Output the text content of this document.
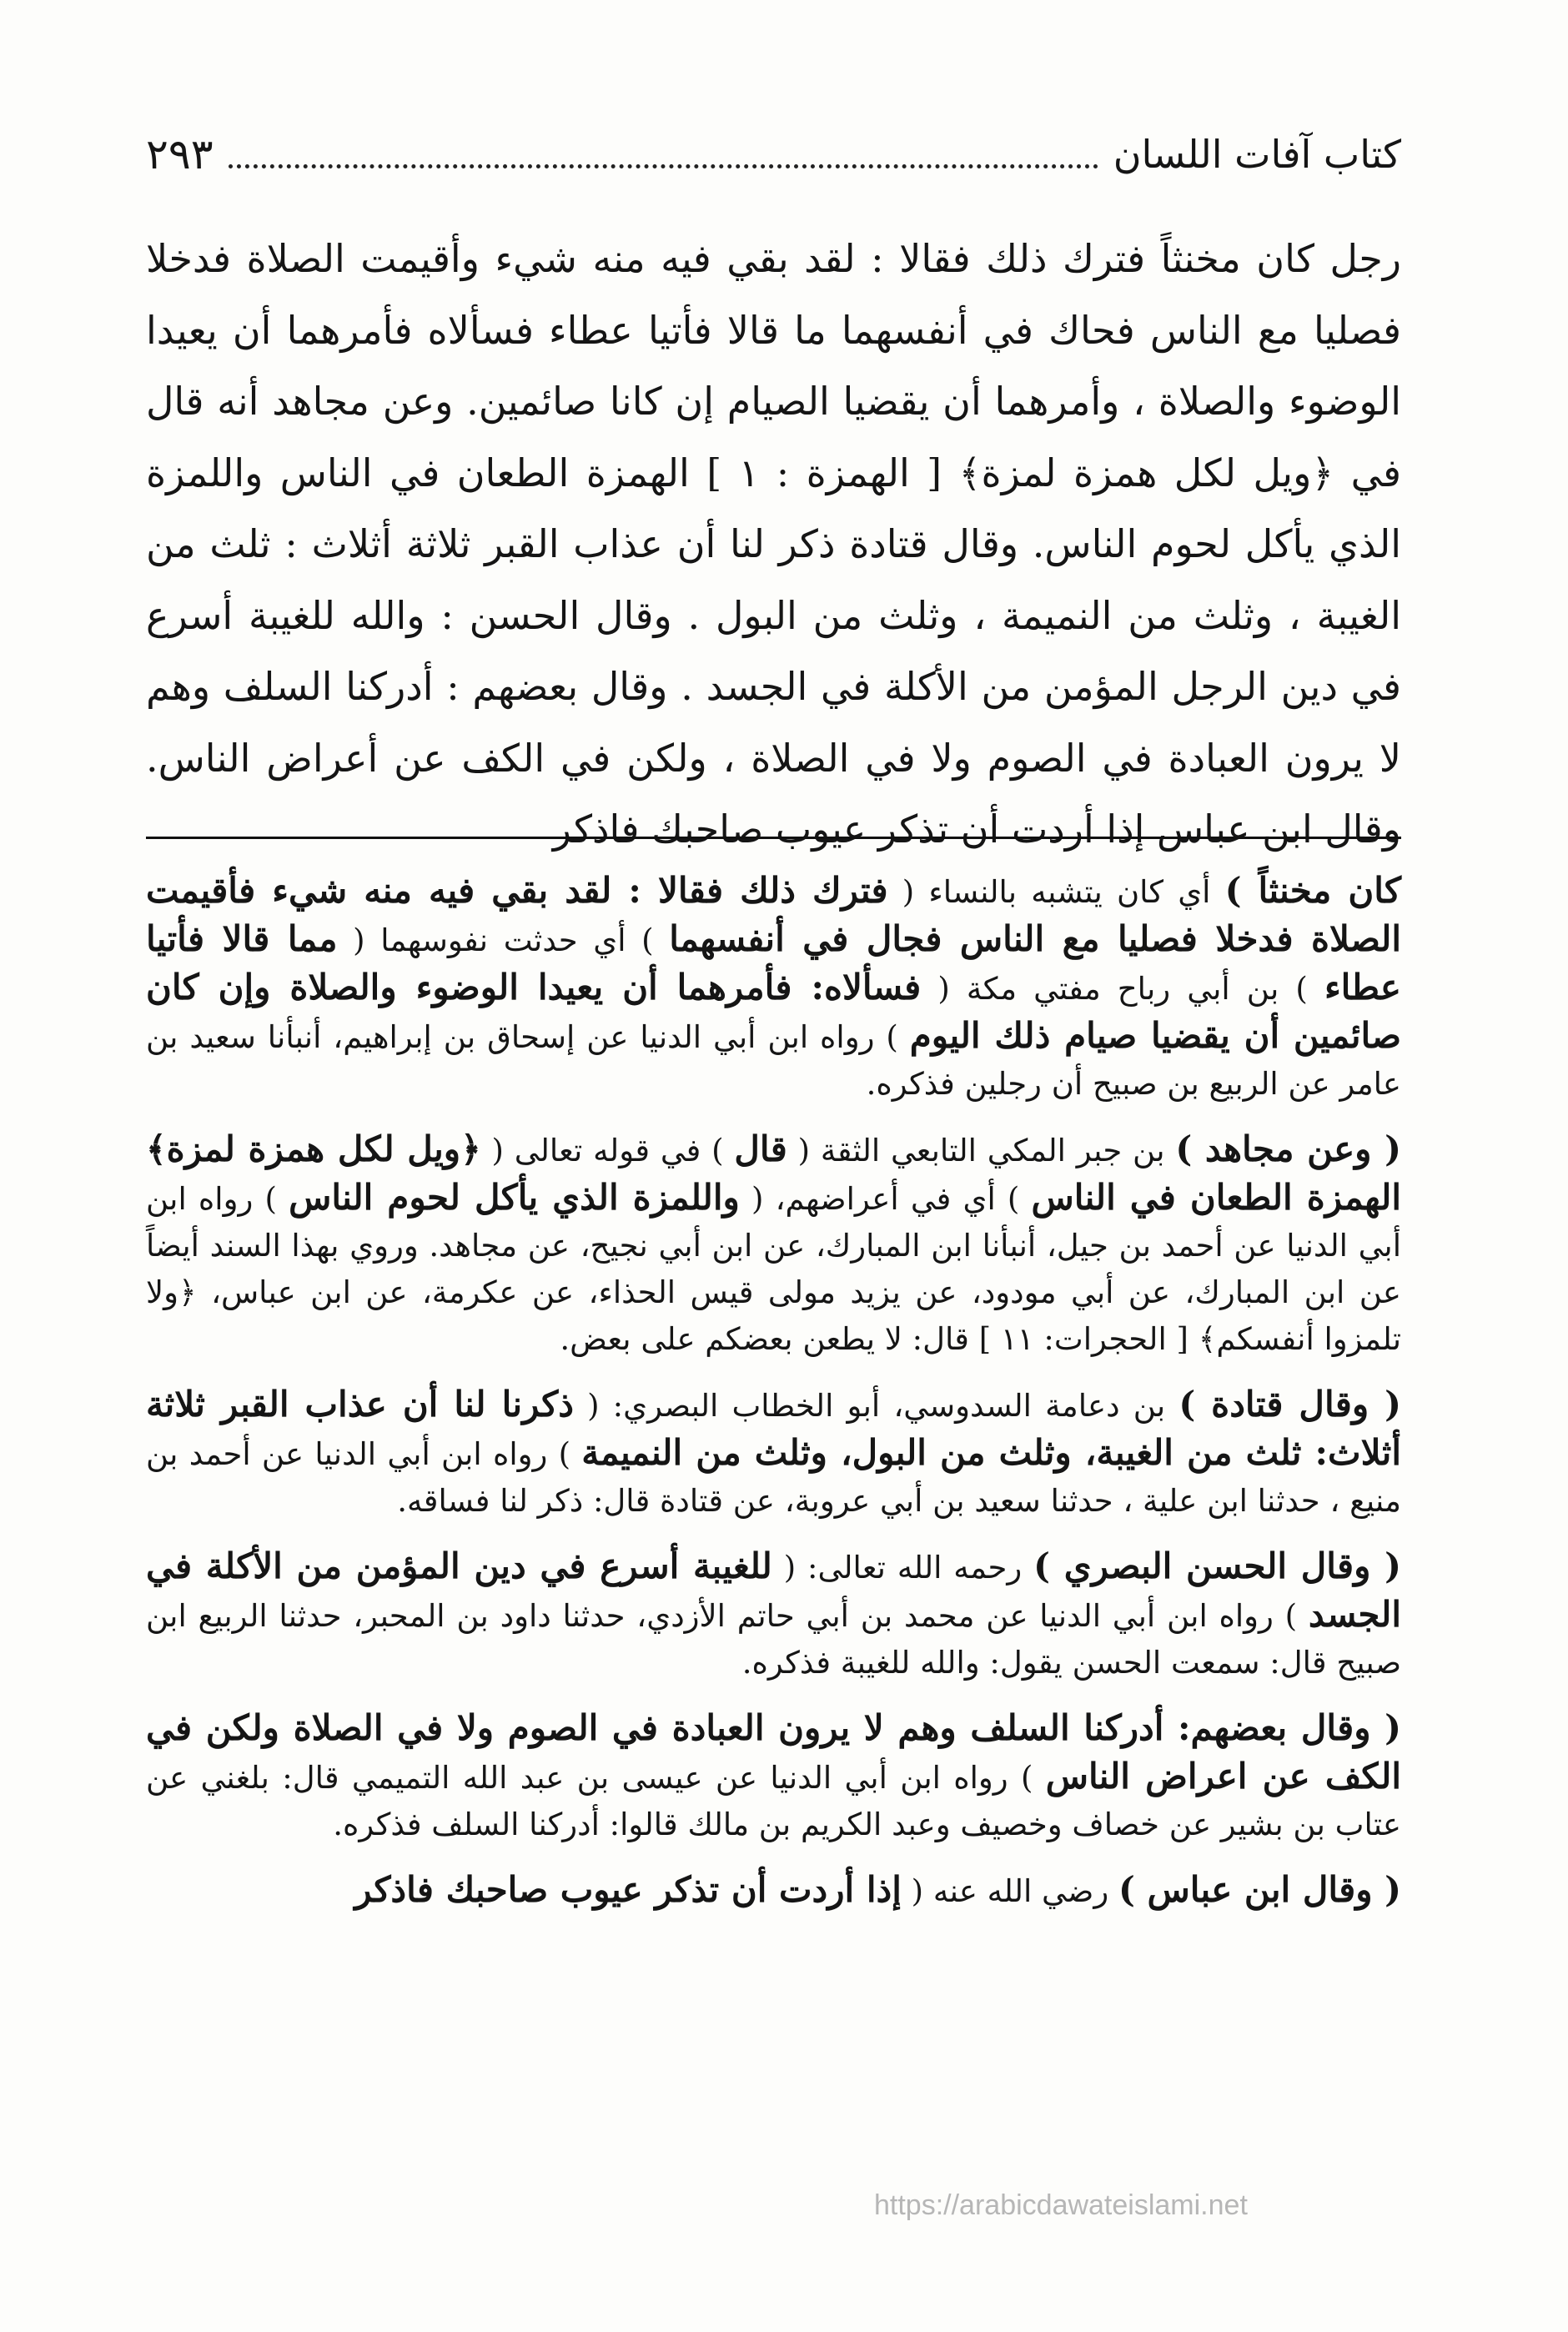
كتاب آفات اللسان
٢٩٣

رجل كان مخنثاً فترك ذلك فقالا : لقد بقي فيه منه شيء وأقيمت الصلاة فدخلا فصليا مع الناس فحاك في أنفسهما ما قالا فأتيا عطاء فسألاه فأمرهما أن يعيدا الوضوء والصلاة ، وأمرهما أن يقضيا الصيام إن كانا صائمين. وعن مجاهد أنه قال في ﴿ويل لكل همزة لمزة﴾ [ الهمزة : ١ ] الهمزة الطعان في الناس واللمزة الذي يأكل لحوم الناس. وقال قتادة ذكر لنا أن عذاب القبر ثلاثة أثلاث : ثلث من الغيبة ، وثلث من النميمة ، وثلث من البول . وقال الحسن : والله للغيبة أسرع في دين الرجل المؤمن من الأكلة في الجسد . وقال بعضهم : أدركنا السلف وهم لا يرون العبادة في الصوم ولا في الصلاة ، ولكن في الكف عن أعراض الناس. وقال ابن عباس إذا أردت أن تذكر عيوب صاحبك فاذكر

كان مخنثاً ) أي كان يتشبه بالنساء ( فترك ذلك فقالا : لقد بقي فيه منه شيء فأقيمت الصلاة فدخلا فصليا مع الناس فجال في أنفسهما ) أي حدثت نفوسهما ( مما قالا فأتيا عطاء ) بن أبي رباح مفتي مكة ( فسألاه: فأمرهما أن يعيدا الوضوء والصلاة وإن كان صائمين أن يقضيا صيام ذلك اليوم ) رواه ابن أبي الدنيا عن إسحاق بن إبراهيم، أنبأنا سعيد بن عامر عن الربيع بن صبيح أن رجلين فذكره.

( وعن مجاهد ) بن جبر المكي التابعي الثقة ( قال ) في قوله تعالى ( ﴿ويل لكل همزة لمزة﴾ الهمزة الطعان في الناس ) أي في أعراضهم، ( واللمزة الذي يأكل لحوم الناس ) رواه ابن أبي الدنيا عن أحمد بن جيل، أنبأنا ابن المبارك، عن ابن أبي نجيح، عن مجاهد. وروي بهذا السند أيضاً عن ابن المبارك، عن أبي مودود، عن يزيد مولى قيس الحذاء، عن عكرمة، عن ابن عباس، ﴿ولا تلمزوا أنفسكم﴾ [ الحجرات: ١١ ] قال: لا يطعن بعضكم على بعض.

( وقال قتادة ) بن دعامة السدوسي، أبو الخطاب البصري: ( ذكرنا لنا أن عذاب القبر ثلاثة أثلاث: ثلث من الغيبة، وثلث من البول، وثلث من النميمة ) رواه ابن أبي الدنيا عن أحمد بن منيع ، حدثنا ابن علية ، حدثنا سعيد بن أبي عروبة، عن قتادة قال: ذكر لنا فساقه.

( وقال الحسن البصري ) رحمه الله تعالى: ( للغيبة أسرع في دين المؤمن من الأكلة في الجسد ) رواه ابن أبي الدنيا عن محمد بن أبي حاتم الأزدي، حدثنا داود بن المحبر، حدثنا الربيع ابن صبيح قال: سمعت الحسن يقول: والله للغيبة فذكره.

( وقال بعضهم: أدركنا السلف وهم لا يرون العبادة في الصوم ولا في الصلاة ولكن في الكف عن اعراض الناس ) رواه ابن أبي الدنيا عن عيسى بن عبد الله التميمي قال: بلغني عن عتاب بن بشير عن خصاف وخصيف وعبد الكريم بن مالك قالوا: أدركنا السلف فذكره.

( وقال ابن عباس ) رضي الله عنه ( إذا أردت أن تذكر عيوب صاحبك فاذكر

https://arabicdawateislami.net
